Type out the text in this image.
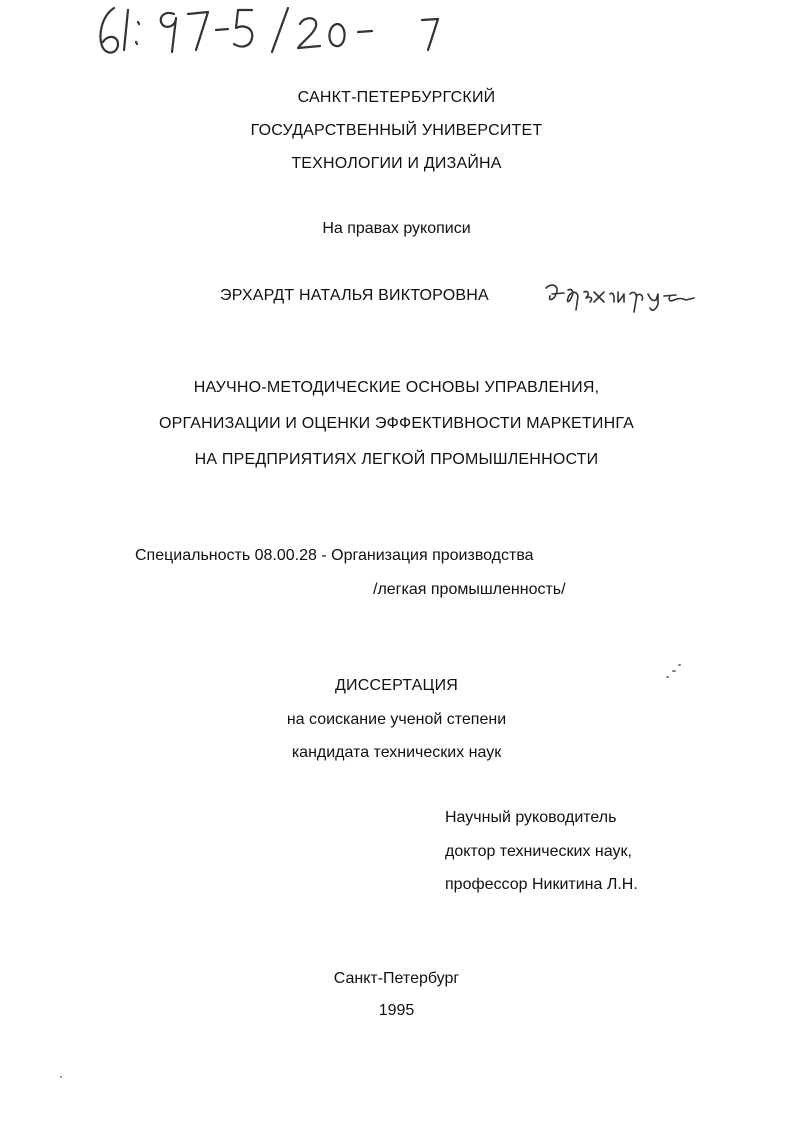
САНКТ-ПЕТЕРБУРГСКИЙ
ГОСУДАРСТВЕННЫЙ УНИВЕРСИТЕТ
ТЕХНОЛОГИИ И ДИЗАЙНА
На правах рукописи
ЭРХАРДТ НАТАЛЬЯ ВИКТОРОВНА
НАУЧНО-МЕТОДИЧЕСКИЕ ОСНОВЫ УПРАВЛЕНИЯ,
ОРГАНИЗАЦИИ И ОЦЕНКИ ЭФФЕКТИВНОСТИ МАРКЕТИНГА
НА ПРЕДПРИЯТИЯХ ЛЕГКОЙ ПРОМЫШЛЕННОСТИ
Специальность 08.00.28 - Организация производства
/легкая промышленность/
ДИССЕРТАЦИЯ
на соискание ученой степени
кандидата технических наук
Научный руководитель
доктор технических наук,
профессор Никитина Л.Н.
Санкт-Петербург
1995
